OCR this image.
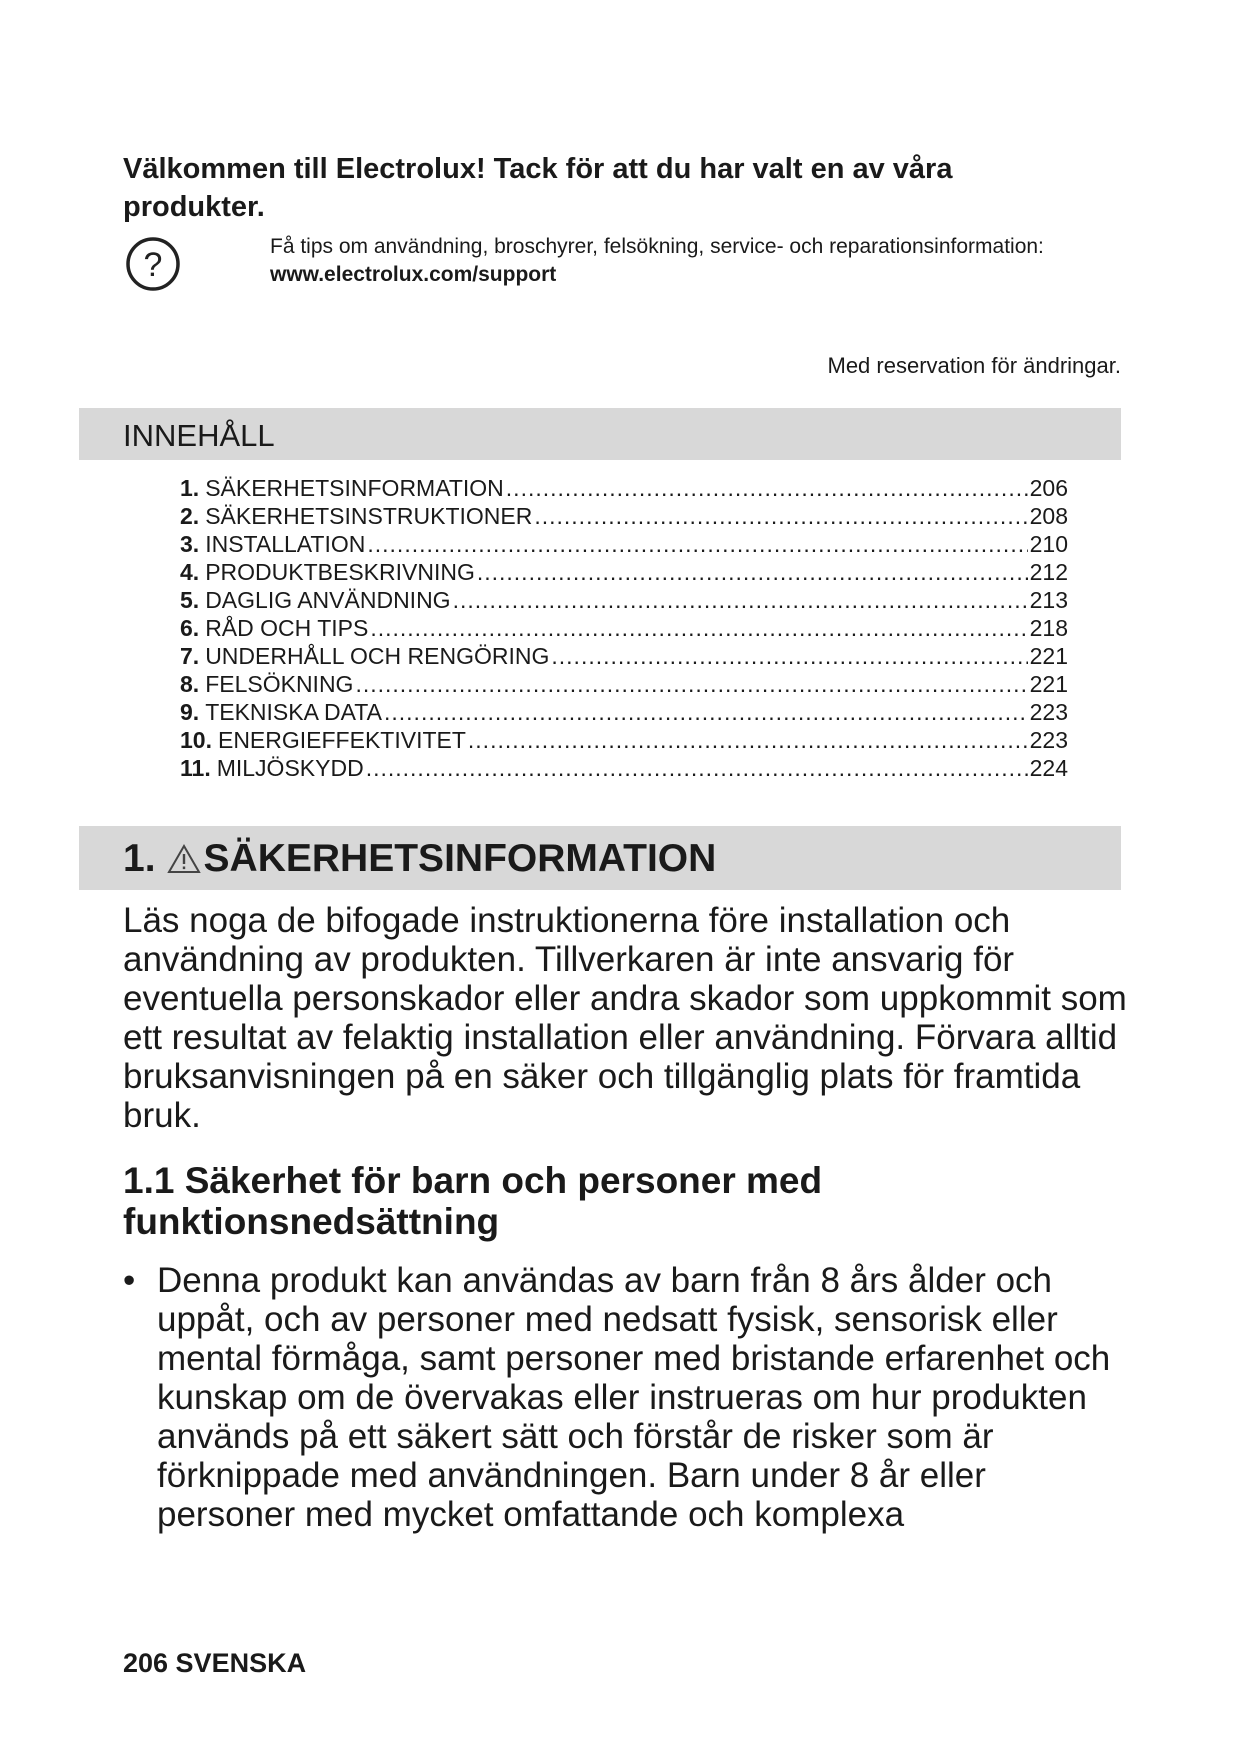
Välkommen till Electrolux! Tack för att du har valt en av våra produkter.
?	Få tips om användning, broschyrer, felsökning, service- och reparationsinformation:
www.electrolux.com/support
Med reservation för ändringar.
INNEHÅLL
1. SÄKERHETSINFORMATION .....	206
2. SÄKERHETSINSTRUKTIONER .....	208
3. INSTALLATION .....	210
4. PRODUKTBESKRIVNING .....	212
5. DAGLIG ANVÄNDNING .....	213
6. RÅD OCH TIPS .....	218
7. UNDERHÅLL OCH RENGÖRING .....	221
8. FELSÖKNING .....	221
9. TEKNISKA DATA .....	223
10. ENERGIEFFEKTIVITET .....	223
11. MILJÖSKYDD .....	224
1. SÄKERHETSINFORMATION
Läs noga de bifogade instruktionerna före installation och användning av produkten. Tillverkaren är inte ansvarig för eventuella personskador eller andra skador som uppkommit som ett resultat av felaktig installation eller användning. Förvara alltid bruksanvisningen på en säker och tillgänglig plats för framtida bruk.
1.1 Säkerhet för barn och personer med funktionsnedsättning
• Denna produkt kan användas av barn från 8 års ålder och uppåt, och av personer med nedsatt fysisk, sensorisk eller mental förmåga, samt personer med bristande erfarenhet och kunskap om de övervakas eller instrueras om hur produkten används på ett säkert sätt och förstår de risker som är förknippade med användningen. Barn under 8 år eller personer med mycket omfattande och komplexa
206 SVENSKA
